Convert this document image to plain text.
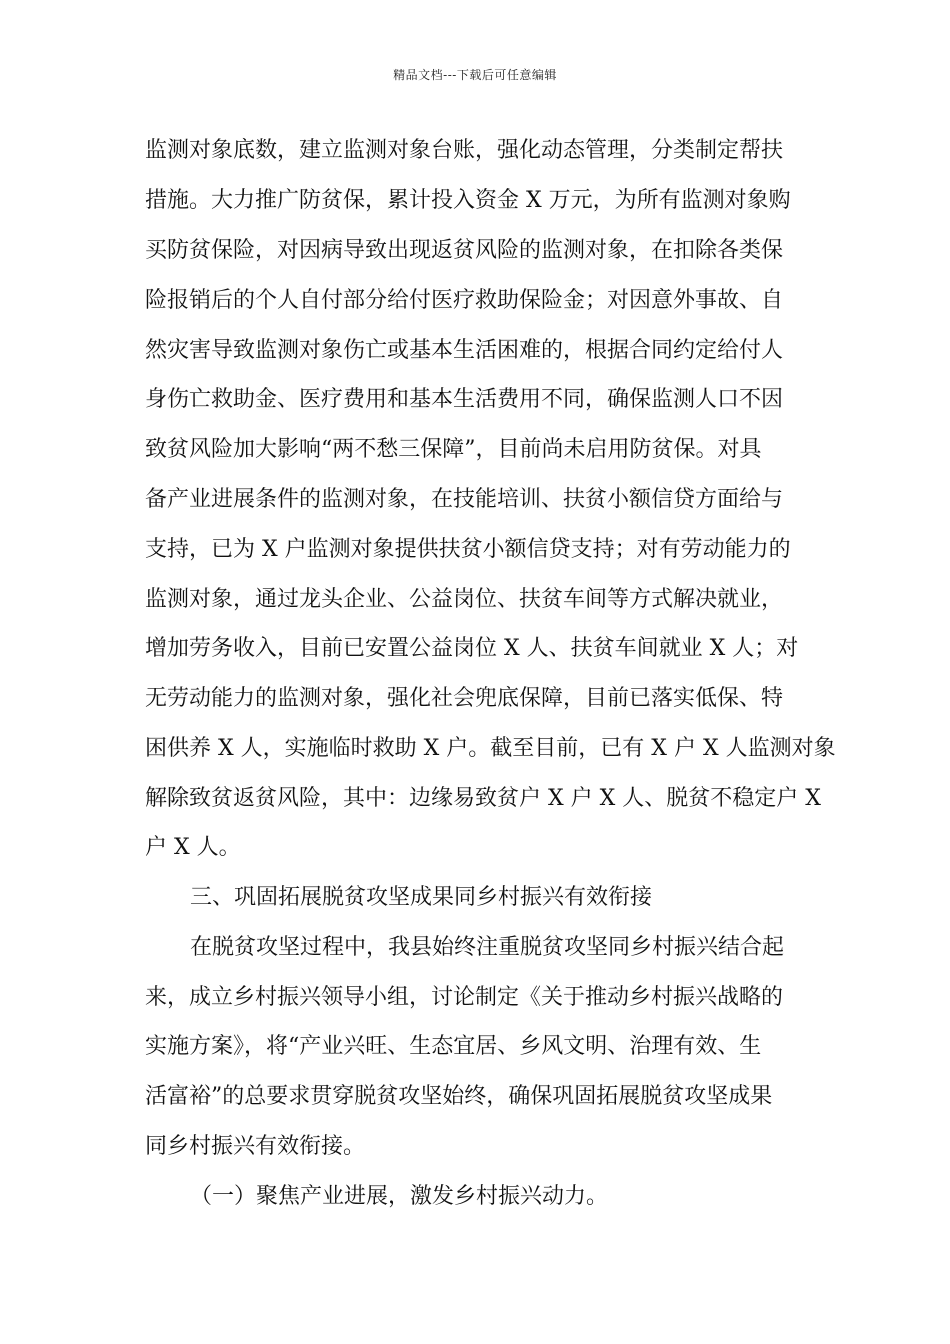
精品文档---下载后可任意编辑
监测对象底数，建立监测对象台账，强化动态管理，分类制定帮扶
措施。大力推广防贫保，累计投入资金 X 万元，为所有监测对象购
买防贫保险，对因病导致出现返贫风险的监测对象，在扣除各类保
险报销后的个人自付部分给付医疗救助保险金；对因意外事故、自
然灾害导致监测对象伤亡或基本生活困难的，根据合同约定给付人
身伤亡救助金、医疗费用和基本生活费用不同，确保监测人口不因
致贫风险加大影响“两不愁三保障”，目前尚未启用防贫保。对具
备产业进展条件的监测对象，在技能培训、扶贫小额信贷方面给与
支持，已为 X 户监测对象提供扶贫小额信贷支持；对有劳动能力的
监测对象，通过龙头企业、公益岗位、扶贫车间等方式解决就业，
增加劳务收入，目前已安置公益岗位 X 人、扶贫车间就业 X 人；对
无劳动能力的监测对象，强化社会兜底保障，目前已落实低保、特
困供养 X 人，实施临时救助 X 户。截至目前，已有 X 户 X 人监测对象
解除致贫返贫风险，其中：边缘易致贫户 X 户 X 人、脱贫不稳定户 X
户 X 人。
三、巩固拓展脱贫攻坚成果同乡村振兴有效衔接
在脱贫攻坚过程中，我县始终注重脱贫攻坚同乡村振兴结合起
来，成立乡村振兴领导小组，讨论制定《关于推动乡村振兴战略的
实施方案》，将“产业兴旺、生态宜居、乡风文明、治理有效、生
活富裕”的总要求贯穿脱贫攻坚始终，确保巩固拓展脱贫攻坚成果
同乡村振兴有效衔接。
（一）聚焦产业进展，激发乡村振兴动力。
